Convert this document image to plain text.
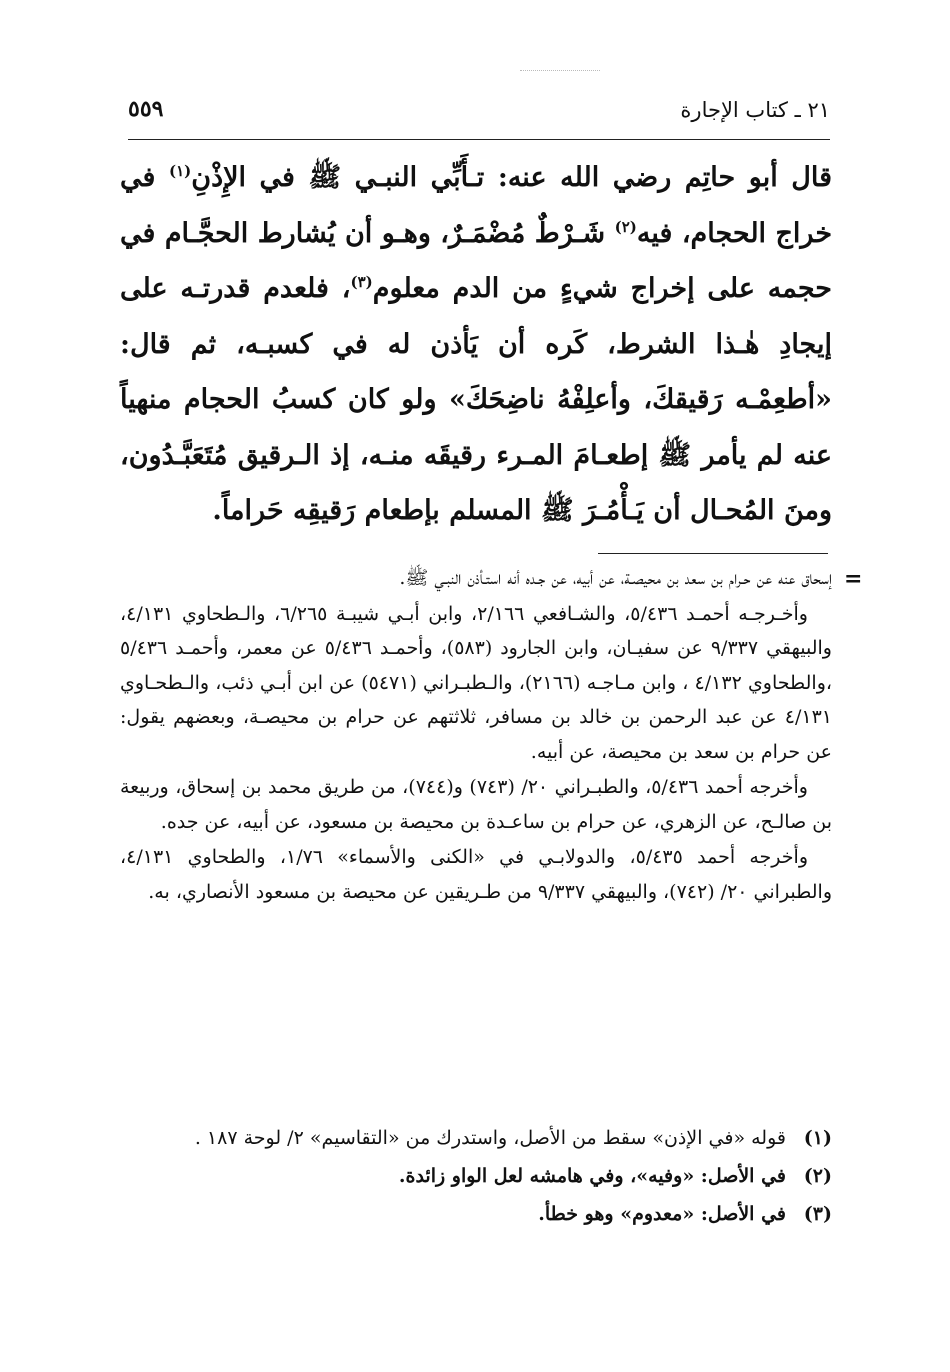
٢١ ـ كتاب الإجارة
٥٥٩

قال أبو حاتِم رضي الله عنه: تـأَبِّي النبـي ﷺ في الإِذْنِ$^{(١)}$ في خراج الحجام، فيه$^{(٢)}$ شَـرْطٌ مُضْمَـرٌ، وهـو أن يُشارط الحجَّـام في حجمه على إخراج شيءٍ من الدم معلوم$^{(٣)}$، فلعدم قدرتـه على إيجادِ هٰـذا الشرط، كَره أن يَأذن له في كسبـه، ثم قال: «أطعِمْـه رَقيقكَ، وأعلِفْهُ ناضِحَكَ» ولو كان كسبُ الحجام منهياً عنه لم يأمر ﷺ إطعـامَ المـرء رقيقَه منـه، إذ الـرقيق مُتَعَبَّـدُون، ومنَ المُحـال أن يَـأْمُـرَ ﷺ المسلم بإطعام رَقيقِه حَراماً.

=

إسحاق عنه عن حـرام بن سعد بن محيصـة، عن أبيه، عن جـده أنه استـأذن النبـي ﷺ.

وأخـرجـه أحمـد ٥/٤٣٦، والشـافعي ٢/١٦٦، وابن أبـي شيبـة ٦/٢٦٥، والـطحاوي ٤/١٣١، والبيهقي ٩/٣٣٧ عن سفيـان، وابن الجارود (٥٨٣)، وأحمـد ٥/٤٣٦ عن معمر، وأحمـد ٥/٤٣٦ ،والطحاوي ٤/١٣٢ ، وابن مـاجـه (٢١٦٦)، والـطبـراني (٥٤٧١) عن ابن أبـي ذئب، والـطحـاوي ٤/١٣١ عن عبد الرحمن بن خالد بن مسافر، ثلاثتهم عن حرام بن محيصـة، وبعضهم يقول: عن حرام بن سعد بن محيصة، عن أبيه.

وأخرجه أحمد ٥/٤٣٦، والطبـراني ٢٠/ (٧٤٣) و(٧٤٤)، من طريق محمد بن إسحاق، وربيعة بن صالـح، عن الزهري، عن حرام بن ساعـدة بن محيصة بن مسعود، عن أبيه، عن جده.

وأخرجه أحمد ٥/٤٣٥، والدولابـي في «الكنى والأسماء» ١/٧٦، والطحاوي ٤/١٣١، والطبراني ٢٠/ (٧٤٢)، والبيهقي ٩/٣٣٧ من طـريقين عن محيصة بن مسعود الأنصاري، به.

(١)
قوله «في الإذن» سقط من الأصل، واستدرك من «التقاسيم» ٢/ لوحة ١٨٧ .
(٢)
في الأصل: «وفيه»، وفي هامشه لعل الواو زائدة.
(٣)
في الأصل: «معدوم» وهو خطأ.
